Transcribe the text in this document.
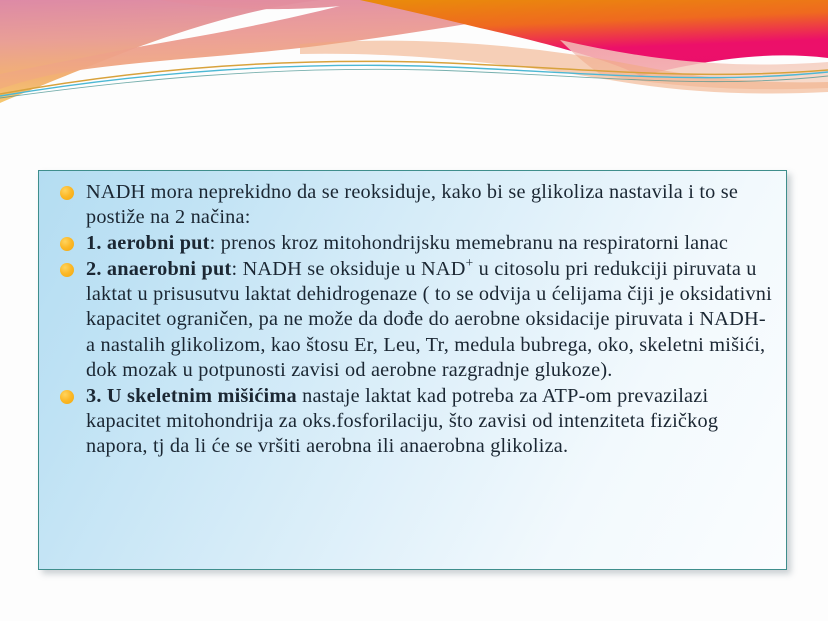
NADH mora neprekidno da se reoksiduje, kako bi se glikoliza nastavila i to se postiže na 2 načina:
1. aerobni put: prenos kroz mitohondrijsku memebranu na respiratorni lanac
2. anaerobni put: NADH se oksiduje u NAD+ u citosolu pri redukciji piruvata u laktat u prisusutvu laktat dehidrogenaze ( to se odvija u ćelijama čiji je oksidativni kapacitet ograničen, pa ne može da dođe do aerobne oksidacije piruvata i NADH-a nastalih glikolizom, kao štosu Er, Leu, Tr, medula bubrega, oko, skeletni mišići, dok mozak u potpunosti zavisi od aerobne razgradnje glukoze).
3. U skeletnim mišićima nastaje laktat kad potreba za ATP-om prevazilazi kapacitet mitohondrija za oks.fosforilaciju, što zavisi od intenziteta fizičkog napora, tj da li će se vršiti aerobna ili anaerobna glikoliza.
